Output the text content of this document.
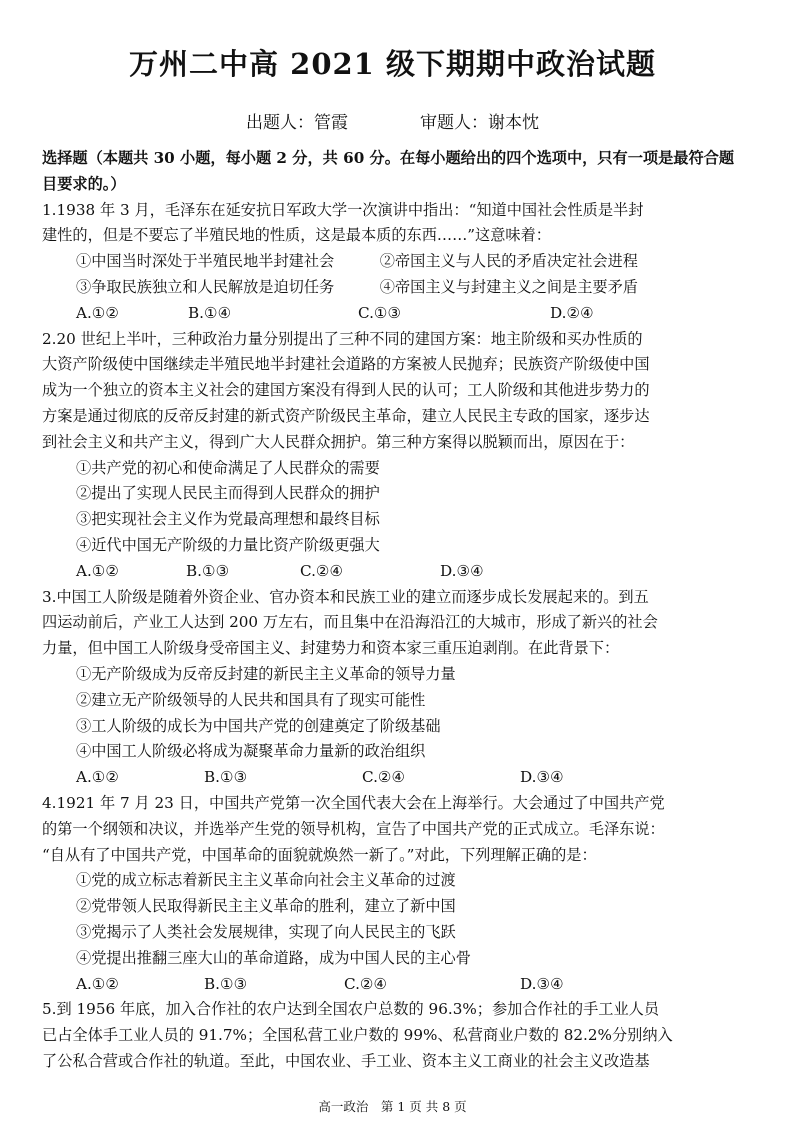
万州二中高 2021 级下期期中政治试题
出题人：管霞	审题人：谢本忱
选择题（本题共 30 小题，每小题 2 分，共 60 分。在每小题给出的四个选项中，只有一项是最符合题目要求的。）
1.1938 年 3 月，毛泽东在延安抗日军政大学一次演讲中指出：“知道中国社会性质是半封
建性的，但是不要忘了半殖民地的性质，这是最本质的东西……”这意味着：
①中国当时深处于半殖民地半封建社会　　　②帝国主义与人民的矛盾决定社会进程
③争取民族独立和人民解放是迫切任务　　　④帝国主义与封建主义之间是主要矛盾
A.①②	B.①④	C.①③	D.②④
2.20 世纪上半叶，三种政治力量分别提出了三种不同的建国方案：地主阶级和买办性质的
大资产阶级使中国继续走半殖民地半封建社会道路的方案被人民抛弃；民族资产阶级使中国
成为一个独立的资本主义社会的建国方案没有得到人民的认可；工人阶级和其他进步势力的
方案是通过彻底的反帝反封建的新式资产阶级民主革命，建立人民民主专政的国家，逐步达
到社会主义和共产主义，得到广大人民群众拥护。第三种方案得以脱颖而出，原因在于：
①共产党的初心和使命满足了人民群众的需要
②提出了实现人民民主而得到人民群众的拥护
③把实现社会主义作为党最高理想和最终目标
④近代中国无产阶级的力量比资产阶级更强大
A.①②	B.①③	C.②④	D.③④
3.中国工人阶级是随着外资企业、官办资本和民族工业的建立而逐步成长发展起来的。到五
四运动前后，产业工人达到 200 万左右，而且集中在沿海沿江的大城市，形成了新兴的社会
力量，但中国工人阶级身受帝国主义、封建势力和资本家三重压迫剥削。在此背景下：
①无产阶级成为反帝反封建的新民主主义革命的领导力量
②建立无产阶级领导的人民共和国具有了现实可能性
③工人阶级的成长为中国共产党的创建奠定了阶级基础
④中国工人阶级必将成为凝聚革命力量新的政治组织
A.①②	B.①③	C.②④	D.③④
4.1921 年 7 月 23 日，中国共产党第一次全国代表大会在上海举行。大会通过了中国共产党
的第一个纲领和决议，并选举产生党的领导机构，宣告了中国共产党的正式成立。毛泽东说：
“自从有了中国共产党，中国革命的面貌就焕然一新了。”对此，下列理解正确的是：
①党的成立标志着新民主主义革命向社会主义革命的过渡
②党带领人民取得新民主主义革命的胜利，建立了新中国
③党揭示了人类社会发展规律，实现了向人民民主的飞跃
④党提出推翻三座大山的革命道路，成为中国人民的主心骨
A.①②	B.①③	C.②④	D.③④
5.到 1956 年底，加入合作社的农户达到全国农户总数的 96.3%；参加合作社的手工业人员
已占全体手工业人员的 91.7%；全国私营工业户数的 99%、私营商业户数的 82.2%分别纳入
了公私合营或合作社的轨道。至此，中国农业、手工业、资本主义工商业的社会主义改造基
高一政治　第 1 页 共 8 页
